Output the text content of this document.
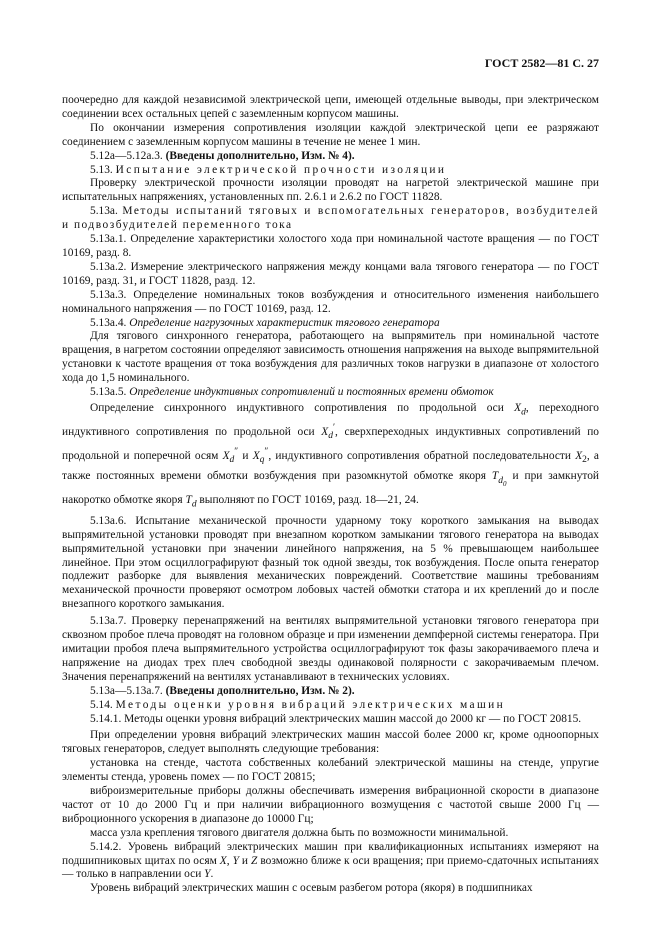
ГОСТ 2582—81 С. 27

поочередно для каждой независимой электрической цепи, имеющей отдельные выводы, при электрическом соединении всех остальных цепей с заземленным корпусом машины.

По окончании измерения сопротивления изоляции каждой электрической цепи ее разряжают соединением с заземленным корпусом машины в течение не менее 1 мин.

5.12а—5.12а.3. (Введены дополнительно, Изм. № 4).

5.13. Испытание электрической прочности изоляции

Проверку электрической прочности изоляции проводят на нагретой электрической машине при испытательных напряжениях, установленных пп. 2.6.1 и 2.6.2 по ГОСТ 11828.

5.13а. Методы испытаний тяговых и вспомогательных генераторов, возбудителей и подвозбудителей переменного тока

5.13а.1. Определение характеристики холостого хода при номинальной частоте вращения — по ГОСТ 10169, разд. 8.

5.13а.2. Измерение электрического напряжения между концами вала тягового генератора — по ГОСТ 10169, разд. 31, и ГОСТ 11828, разд. 12.

5.13а.3. Определение номинальных токов возбуждения и относительного изменения наибольшего номинального напряжения — по ГОСТ 10169, разд. 12.

5.13а.4. Определение нагрузочных характеристик тягового генератора

Для тягового синхронного генератора, работающего на выпрямитель при номинальной частоте вращения, в нагретом состоянии определяют зависимость отношения напряжения на выходе выпрямительной установки к частоте вращения от тока возбуждения для различных токов нагрузки в диапазоне от холостого хода до 1,5 номинального.

5.13а.5. Определение индуктивных сопротивлений и постоянных времени обмоток

Определение синхронного индуктивного сопротивления по продольной оси $X_d$, переходного индуктивного сопротивления по продольной оси $X_d'$, сверхпереходных индуктивных сопротивлений по продольной и поперечной осям $X_d''$ и $X_q''$, индуктивного сопротивления обратной последовательности $X_2$, а также постоянных времени обмотки возбуждения при разомкнутой обмотке якоря $T_{d_0}$ и при замкнутой накоротко обмотке якоря $T_d$ выполняют по ГОСТ 10169, разд. 18—21, 24.

5.13а.6. Испытание механической прочности ударному току короткого замыкания на выводах выпрямительной установки проводят при внезапном коротком замыкании тягового генератора на выводах выпрямительной установки при значении линейного напряжения, на 5 % превышающем наибольшее линейное. При этом осциллографируют фазный ток одной звезды, ток возбуждения. После опыта генератор подлежит разборке для выявления механических повреждений. Соответствие машины требованиям механической прочности проверяют осмотром лобовых частей обмотки статора и их креплений до и после внезапного короткого замыкания.

5.13а.7. Проверку перенапряжений на вентилях выпрямительной установки тягового генератора при сквозном пробое плеча проводят на головном образце и при изменении демпферной системы генератора. При имитации пробоя плеча выпрямительного устройства осциллографируют ток фазы закорачиваемого плеча и напряжение на диодах трех плеч свободной звезды одинаковой полярности с закорачиваемым плечом. Значения перенапряжений на вентилях устанавливают в технических условиях.

5.13а—5.13а.7. (Введены дополнительно, Изм. № 2).

5.14. Методы оценки уровня вибраций электрических машин

5.14.1. Методы оценки уровня вибраций электрических машин массой до 2000 кг — по ГОСТ 20815.

При определении уровня вибраций электрических машин массой более 2000 кг, кроме одноопорных тяговых генераторов, следует выполнять следующие требования:

установка на стенде, частота собственных колебаний электрической машины на стенде, упругие элементы стенда, уровень помех — по ГОСТ 20815;

виброизмерительные приборы должны обеспечивать измерения вибрационной скорости в диапазоне частот от 10 до 2000 Гц и при наличии вибрационного возмущения с частотой свыше 2000 Гц — виброционного ускорения в диапазоне до 10000 Гц;

масса узла крепления тягового двигателя должна быть по возможности минимальной.

5.14.2. Уровень вибраций электрических машин при квалификационных испытаниях измеряют на подшипниковых щитах по осям X, Y и Z возможно ближе к оси вращения; при приемо-сдаточных испытаниях — только в направлении оси Y.

Уровень вибраций электрических машин с осевым разбегом ротора (якоря) в подшипниках
